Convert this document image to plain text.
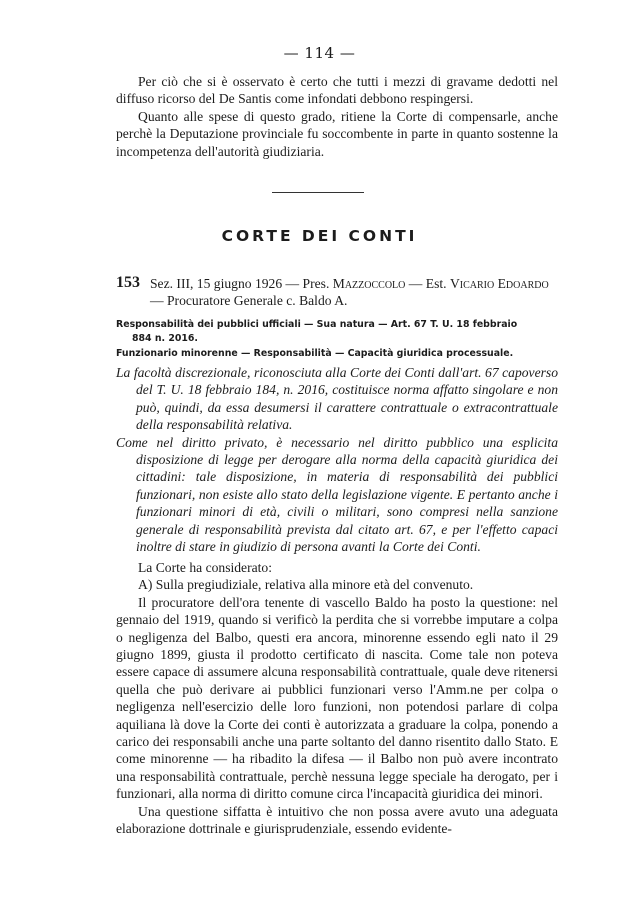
— 114 —

Per ciò che si è osservato è certo che tutti i mezzi di gravame dedotti nel diffuso ricorso del De Santis come infondati debbono respingersi.

Quanto alle spese di questo grado, ritiene la Corte di compensarle, anche perchè la Deputazione provinciale fu soccombente in parte in quanto sostenne la incompetenza dell'autorità giudiziaria.

CORTE DEI CONTI
153 Sez. III, 15 giugno 1926 — Pres. Mazzoccolo — Est. Vicario Edoardo — Procuratore Generale c. Baldo A.
Responsabilità dei pubblici ufficiali — Sua natura — Art. 67 T. U. 18 febbraio
884 n. 2016.
Funzionario minorenne — Responsabilità — Capacità giuridica processuale.

La facoltà discrezionale, riconosciuta alla Corte dei Conti dall'art. 67 capoverso del T. U. 18 febbraio 184, n. 2016, costituisce norma affatto singolare e non può, quindi, da essa desumersi il carattere contrattuale o extracontrattuale della responsabilità relativa.

Come nel diritto privato, è necessario nel diritto pubblico una esplicita disposizione di legge per derogare alla norma della capacità giuridica dei cittadini: tale disposizione, in materia di responsabilità dei pubblici funzionari, non esiste allo stato della legislazione vigente. E pertanto anche i funzionari minori di età, civili o militari, sono compresi nella sanzione generale di responsabilità prevista dal citato art. 67, e per l'effetto capaci inoltre di stare in giudizio di persona avanti la Corte dei Conti.

La Corte ha considerato:

A) Sulla pregiudiziale, relativa alla minore età del convenuto.

Il procuratore dell'ora tenente di vascello Baldo ha posto la questione: nel gennaio del 1919, quando si verificò la perdita che si vorrebbe imputare a colpa o negligenza del Balbo, questi era ancora, minorenne essendo egli nato il 29 giugno 1899, giusta il prodotto certificato di nascita. Come tale non poteva essere capace di assumere alcuna responsabilità contrattuale, quale deve ritenersi quella che può derivare ai pubblici funzionari verso l'Amm.ne per colpa o negligenza nell'esercizio delle loro funzioni, non potendosi parlare di colpa aquiliana là dove la Corte dei conti è autorizzata a graduare la colpa, ponendo a carico dei responsabili anche una parte soltanto del danno risentito dallo Stato. E come minorenne — ha ribadito la difesa — il Balbo non può avere incontrato una responsabilità contrattuale, perchè nessuna legge speciale ha derogato, per i funzionari, alla norma di diritto comune circa l'incapacità giuridica dei minori.

Una questione siffatta è intuitivo che non possa avere avuto una adeguata elaborazione dottrinale e giurisprudenziale, essendo evidente-
